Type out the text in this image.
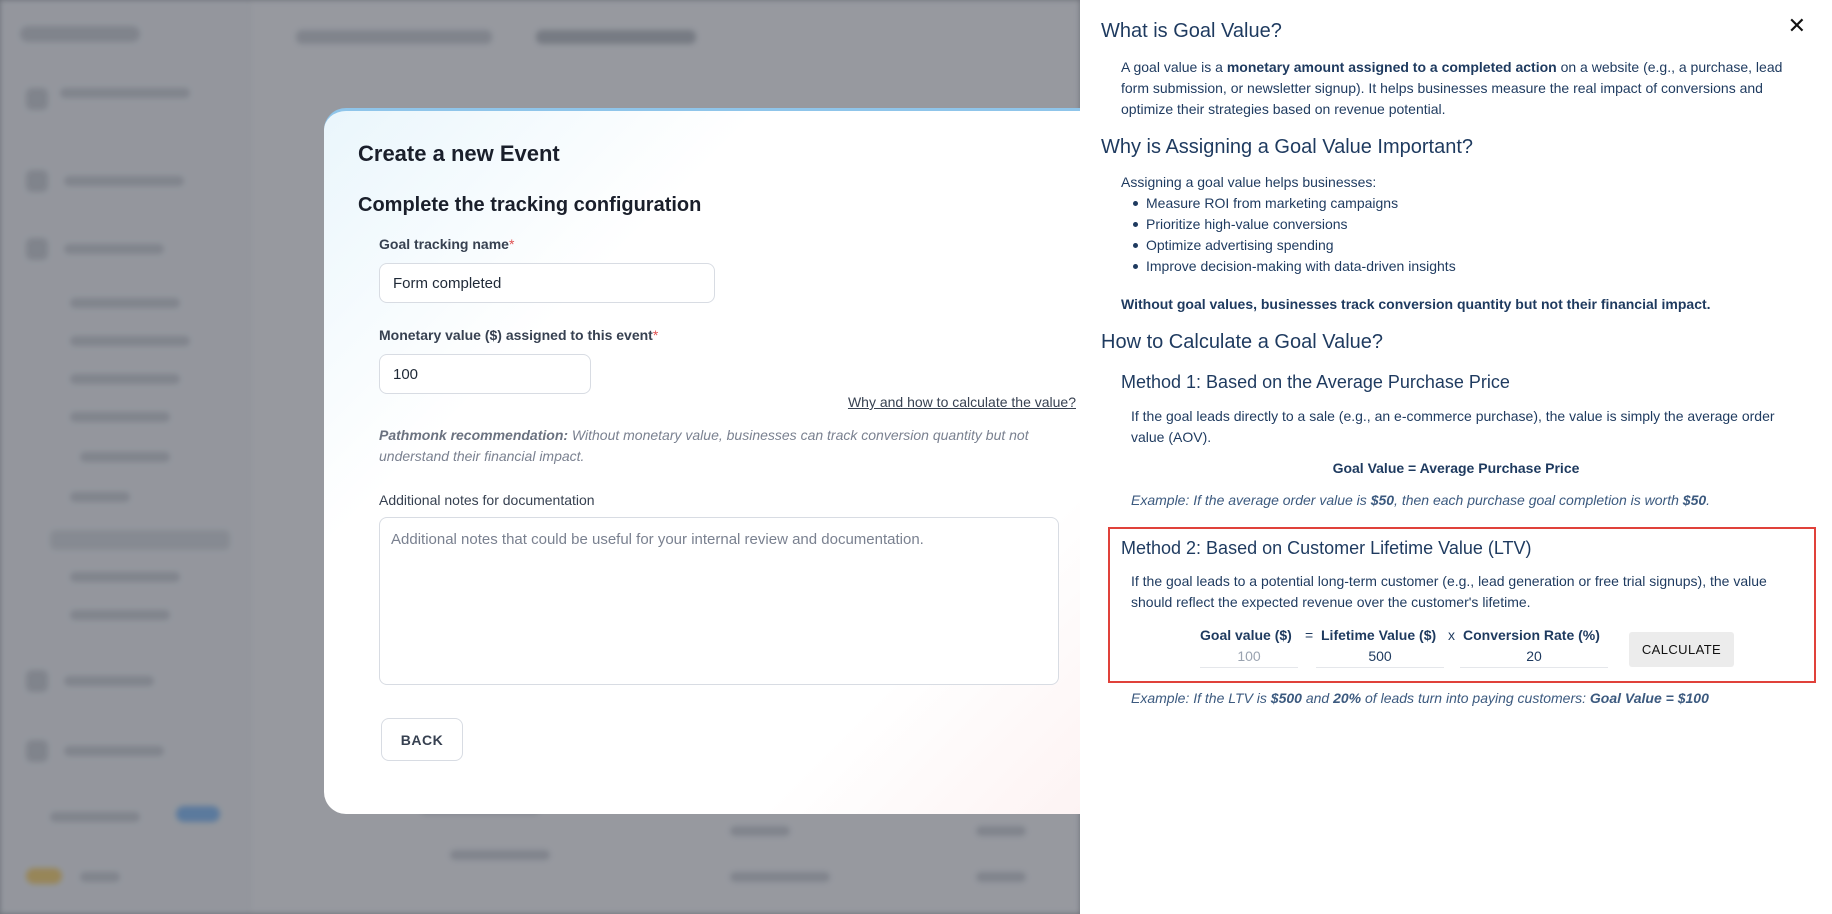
Create a new Event
Complete the tracking configuration
Goal tracking name*
Form completed
Monetary value ($) assigned to this event*
100
Why and how to calculate the value?
Pathmonk recommendation: Without monetary value, businesses can track conversion quantity but not understand their financial impact.
Additional notes for documentation
Additional notes that could be useful for your internal review and documentation.
BACK
✕
What is Goal Value?
A goal value is a monetary amount assigned to a completed action on a website (e.g., a purchase, lead form submission, or newsletter signup). It helps businesses measure the real impact of conversions and optimize their strategies based on revenue potential.
Why is Assigning a Goal Value Important?
Assigning a goal value helps businesses:
Measure ROI from marketing campaigns
Prioritize high-value conversions
Optimize advertising spending
Improve decision-making with data-driven insights
Without goal values, businesses track conversion quantity but not their financial impact.
How to Calculate a Goal Value?
Method 1: Based on the Average Purchase Price
If the goal leads directly to a sale (e.g., an e-commerce purchase), the value is simply the average order value (AOV).
Goal Value = Average Purchase Price
Example: If the average order value is $50, then each purchase goal completion is worth $50.
Method 2: Based on Customer Lifetime Value (LTV)
If the goal leads to a potential long-term customer (e.g., lead generation or free trial signups), the value should reflect the expected revenue over the customer's lifetime.
Goal value ($) = Lifetime Value ($) x Conversion Rate (%)
100
500
20
CALCULATE
Example: If the LTV is $500 and 20% of leads turn into paying customers: Goal Value = $100
